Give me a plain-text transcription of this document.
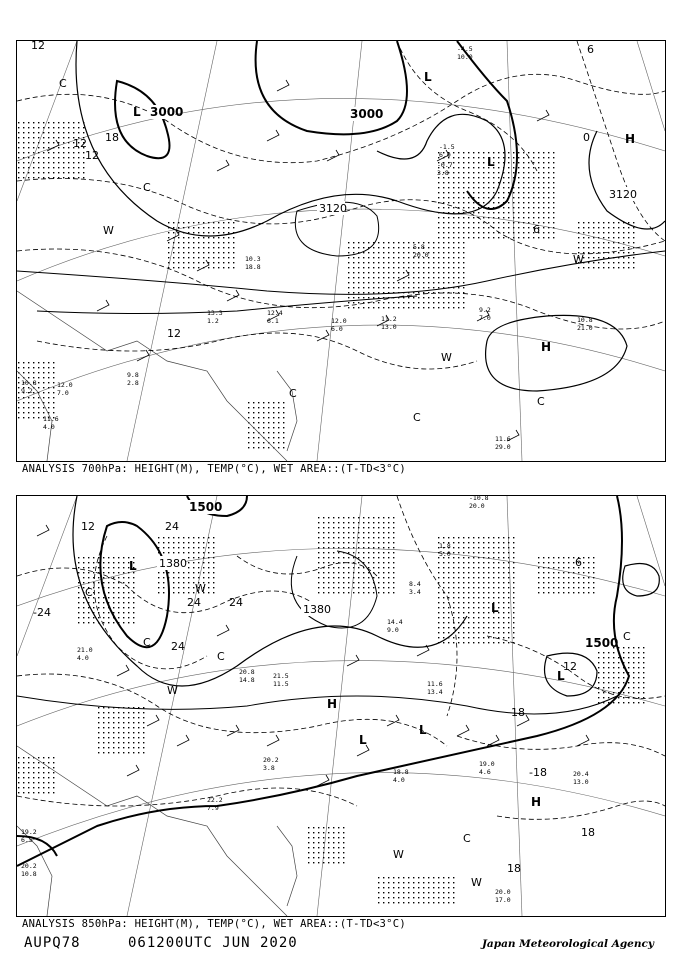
3000	3000
3120
3120
12
12
12
18
6
0
6
12
L
L
L
H
H
C
C
C
C
C
W
W
W
10.3
18.8
11.2
13.0
9.2
7.0	10.8
21.0
11.6
29.0
12.0
6.0
13.3
1.2
12.4
6.1
5.8
20.0
-0.7
3.8
-1.5
6.0
-4.5
10.0
9.8
2.8
10.8
9.2
12.0
7.0
11.6
4.0
ANALYSIS 700hPa: HEIGHT(M), TEMP(°C), WET AREA::(T-TD<3°C)
1380
1500
1380
1500
24
24	24
24
-24
18
18
18
-18
6
12
12
L
L
L
L
L
H
H
C
C
C
C
C
W
W
W
W
20.8
14.8	21.5
11.5
20.2
3.8
22.2
7.9
18.8
4.0
19.0
4.6	20.4
13.0
20.0
17.0
11.6
13.4
14.4
9.0
8.4
3.4
1.8
5.0
-10.8
20.0
21.0
4.0
19.2
6.5
20.2
10.8
ANALYSIS 850hPa: HEIGHT(M), TEMP(°C), WET AREA::(T-TD<3°C)
AUPQ78	061200UTC JUN 2020	Japan Meteorological Agency
